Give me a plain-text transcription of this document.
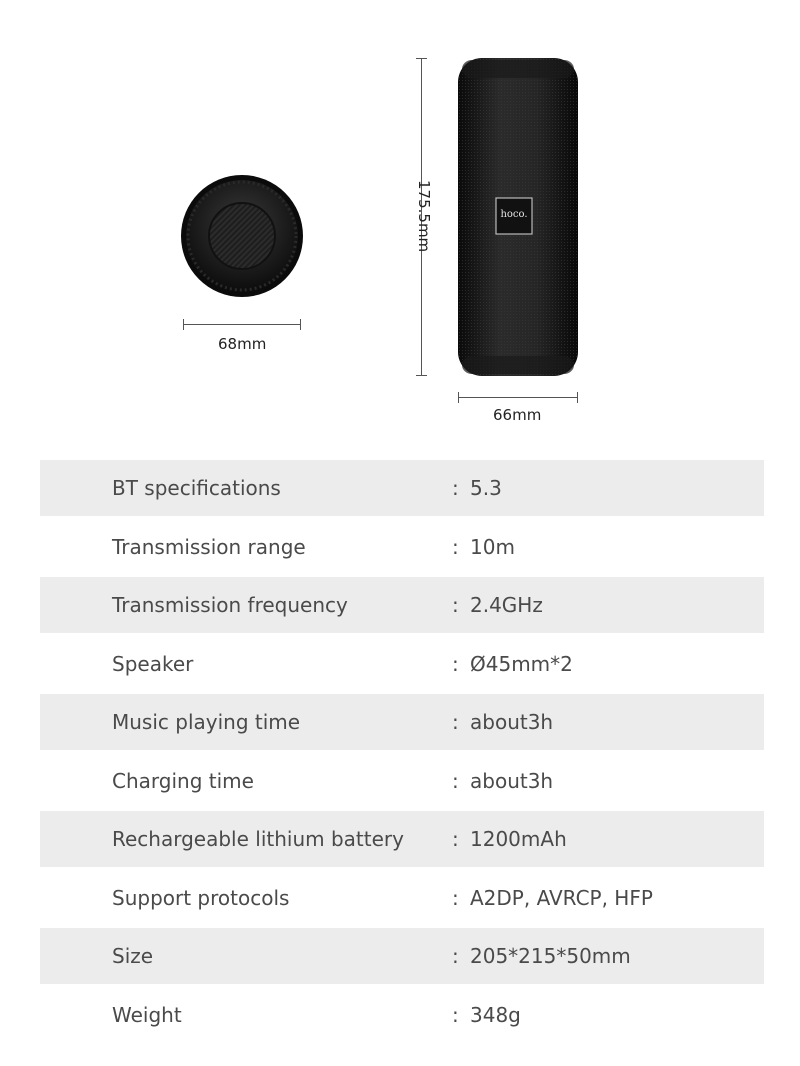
68mm
175.5mm	hoco.
66mm
BT specifications	: 5.3
Transmission range	: 10m
Transmission frequency	: 2.4GHz
Speaker	: Ø45mm*2
Music playing time	: about3h
Charging time	: about3h
Rechargeable lithium battery	: 1200mAh
Support protocols	: A2DP, AVRCP, HFP
Size	: 205*215*50mm
Weight	: 348g
